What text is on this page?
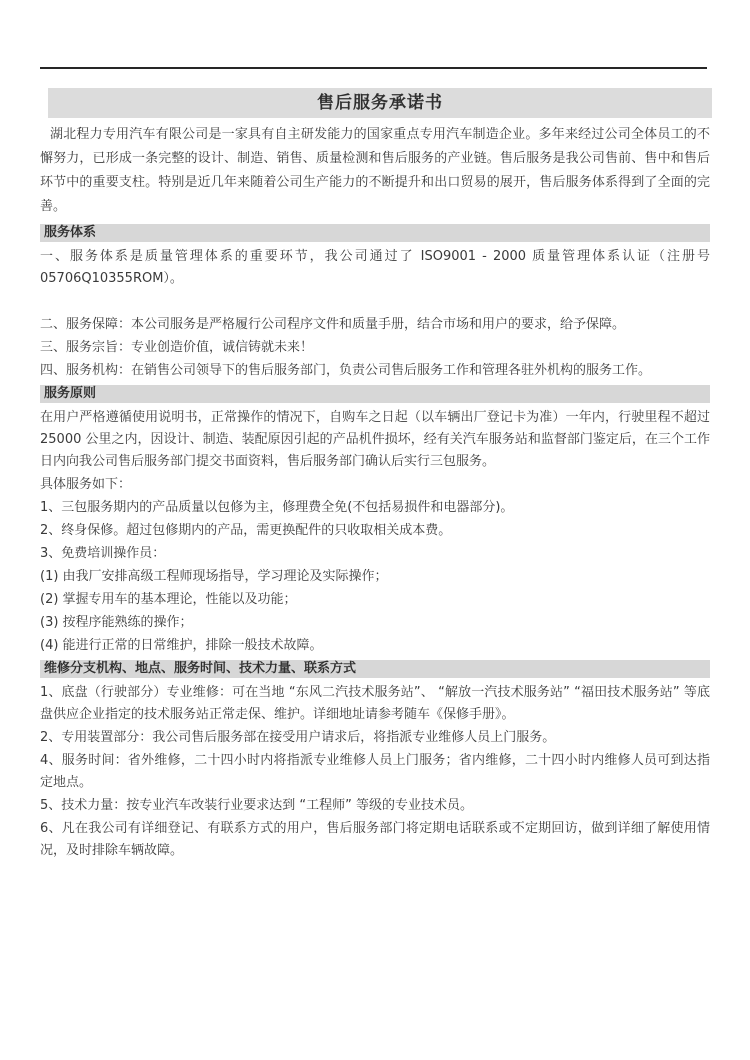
售后服务承诺书

湖北程力专用汽车有限公司是一家具有自主研发能力的国家重点专用汽车制造企业。多年来经过公司全体员工的不懈努力，已形成一条完整的设计、制造、销售、质量检测和售后服务的产业链。售后服务是我公司售前、售中和售后环节中的重要支柱。特别是近几年来随着公司生产能力的不断提升和出口贸易的展开，售后服务体系得到了全面的完善。

服务体系

一、服务体系是质量管理体系的重要环节，我公司通过了 ISO9001 - 2000 质量管理体系认证（注册号 05706Q10355ROM）。

二、服务保障：本公司服务是严格履行公司程序文件和质量手册，结合市场和用户的要求，给予保障。

三、服务宗旨：专业创造价值，诚信铸就未来！

四、服务机构：在销售公司领导下的售后服务部门，负责公司售后服务工作和管理各驻外机构的服务工作。

服务原则

在用户严格遵循使用说明书，正常操作的情况下，自购车之日起（以车辆出厂登记卡为准）一年内，行驶里程不超过 25000 公里之内，因设计、制造、装配原因引起的产品机件损坏，经有关汽车服务站和监督部门鉴定后，在三个工作日内向我公司售后服务部门提交书面资料，售后服务部门确认后实行三包服务。

具体服务如下：

1、三包服务期内的产品质量以包修为主，修理费全免(不包括易损件和电器部分)。

2、终身保修。超过包修期内的产品，需更换配件的只收取相关成本费。

3、免费培训操作员：

(1) 由我厂安排高级工程师现场指导，学习理论及实际操作；

(2) 掌握专用车的基本理论，性能以及功能；

(3) 按程序能熟练的操作；

(4) 能进行正常的日常维护，排除一般技术故障。

维修分支机构、地点、服务时间、技术力量、联系方式

1、底盘（行驶部分）专业维修：可在当地 “东风二汽技术服务站”、 “解放一汽技术服务站” “福田技术服务站” 等底盘供应企业指定的技术服务站正常走保、维护。详细地址请参考随车《保修手册》。

2、专用装置部分：我公司售后服务部在接受用户请求后，将指派专业维修人员上门服务。

4、服务时间：省外维修，二十四小时内将指派专业维修人员上门服务；省内维修，二十四小时内维修人员可到达指定地点。

5、技术力量：按专业汽车改装行业要求达到 “工程师” 等级的专业技术员。

6、凡在我公司有详细登记、有联系方式的用户，售后服务部门将定期电话联系或不定期回访，做到详细了解使用情况，及时排除车辆故障。
